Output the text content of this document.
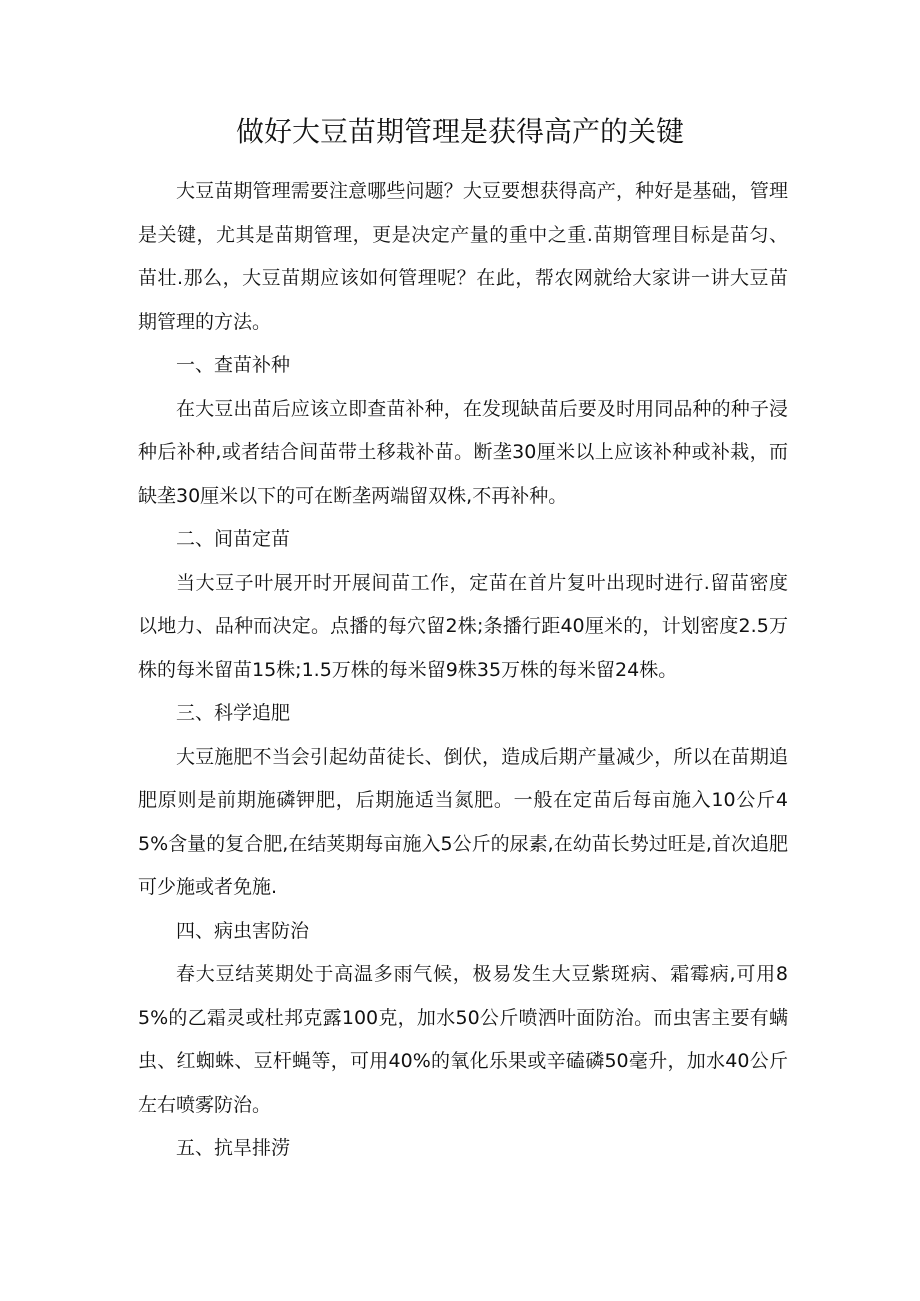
做好大豆苗期管理是获得高产的关键

大豆苗期管理需要注意哪些问题？大豆要想获得高产，种好是基础，管理是关键，尤其是苗期管理，更是决定产量的重中之重.苗期管理目标是苗匀、苗壮.那么，大豆苗期应该如何管理呢？在此，帮农网就给大家讲一讲大豆苗期管理的方法。

一、查苗补种

在大豆出苗后应该立即查苗补种，在发现缺苗后要及时用同品种的种子浸种后补种,或者结合间苗带土移栽补苗。断垄30厘米以上应该补种或补栽，而缺垄30厘米以下的可在断垄两端留双株,不再补种。

二、间苗定苗

当大豆子叶展开时开展间苗工作，定苗在首片复叶出现时进行.留苗密度以地力、品种而决定。点播的每穴留2株;条播行距40厘米的，计划密度2.5万株的每米留苗15株;1.5万株的每米留9株35万株的每米留24株。

三、科学追肥

大豆施肥不当会引起幼苗徒长、倒伏，造成后期产量减少，所以在苗期追肥原则是前期施磷钾肥，后期施适当氮肥。一般在定苗后每亩施入10公斤45%含量的复合肥,在结荚期每亩施入5公斤的尿素,在幼苗长势过旺是,首次追肥可少施或者免施.

四、病虫害防治

春大豆结荚期处于高温多雨气候，极易发生大豆紫斑病、霜霉病,可用85%的乙霜灵或杜邦克露100克，加水50公斤喷洒叶面防治。而虫害主要有螨虫、红蜘蛛、豆杆蝇等，可用40%的氧化乐果或辛磕磷50毫升，加水40公斤左右喷雾防治。

五、抗旱排涝
